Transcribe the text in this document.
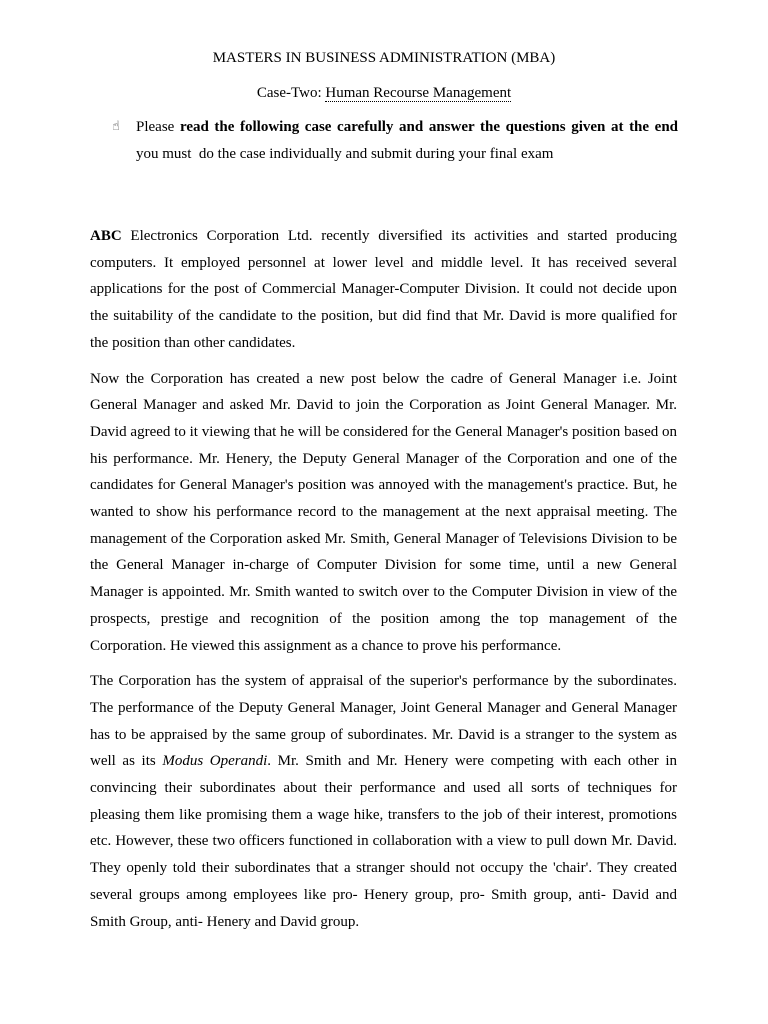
MASTERS IN BUSINESS ADMINISTRATION (MBA)
Case-Two: Human Recourse Management
☝ Please read the following case carefully and answer the questions given at the end
you must  do the case individually and submit during your final exam

ABC Electronics Corporation Ltd. recently diversified its activities and started producing computers. It employed personnel at lower level and middle level. It has received several applications for the post of Commercial Manager-Computer Division. It could not decide upon the suitability of the candidate to the position, but did find that Mr. David is more qualified for the position than other candidates.

Now the Corporation has created a new post below the cadre of General Manager i.e. Joint General Manager and asked Mr. David to join the Corporation as Joint General Manager. Mr. David agreed to it viewing that he will be considered for the General Manager's position based on his performance. Mr. Henery, the Deputy General Manager of the Corporation and one of the candidates for General Manager's position was annoyed with the management's practice. But, he wanted to show his performance record to the management at the next appraisal meeting. The management of the Corporation asked Mr. Smith, General Manager of Televisions Division to be the General Manager in-charge of Computer Division for some time, until a new General Manager is appointed. Mr. Smith wanted to switch over to the Computer Division in view of the prospects, prestige and recognition of the position among the top management of the Corporation. He viewed this assignment as a chance to prove his performance.

The Corporation has the system of appraisal of the superior's performance by the subordinates. The performance of the Deputy General Manager, Joint General Manager and General Manager has to be appraised by the same group of subordinates. Mr. David is a stranger to the system as well as its Modus Operandi. Mr. Smith and Mr. Henery were competing with each other in convincing their subordinates about their performance and used all sorts of techniques for pleasing them like promising them a wage hike, transfers to the job of their interest, promotions etc. However, these two officers functioned in collaboration with a view to pull down Mr. David. They openly told their subordinates that a stranger should not occupy the 'chair'. They created several groups among employees like pro- Henery group, pro- Smith group, anti- David and Smith Group, anti- Henery and David group.
